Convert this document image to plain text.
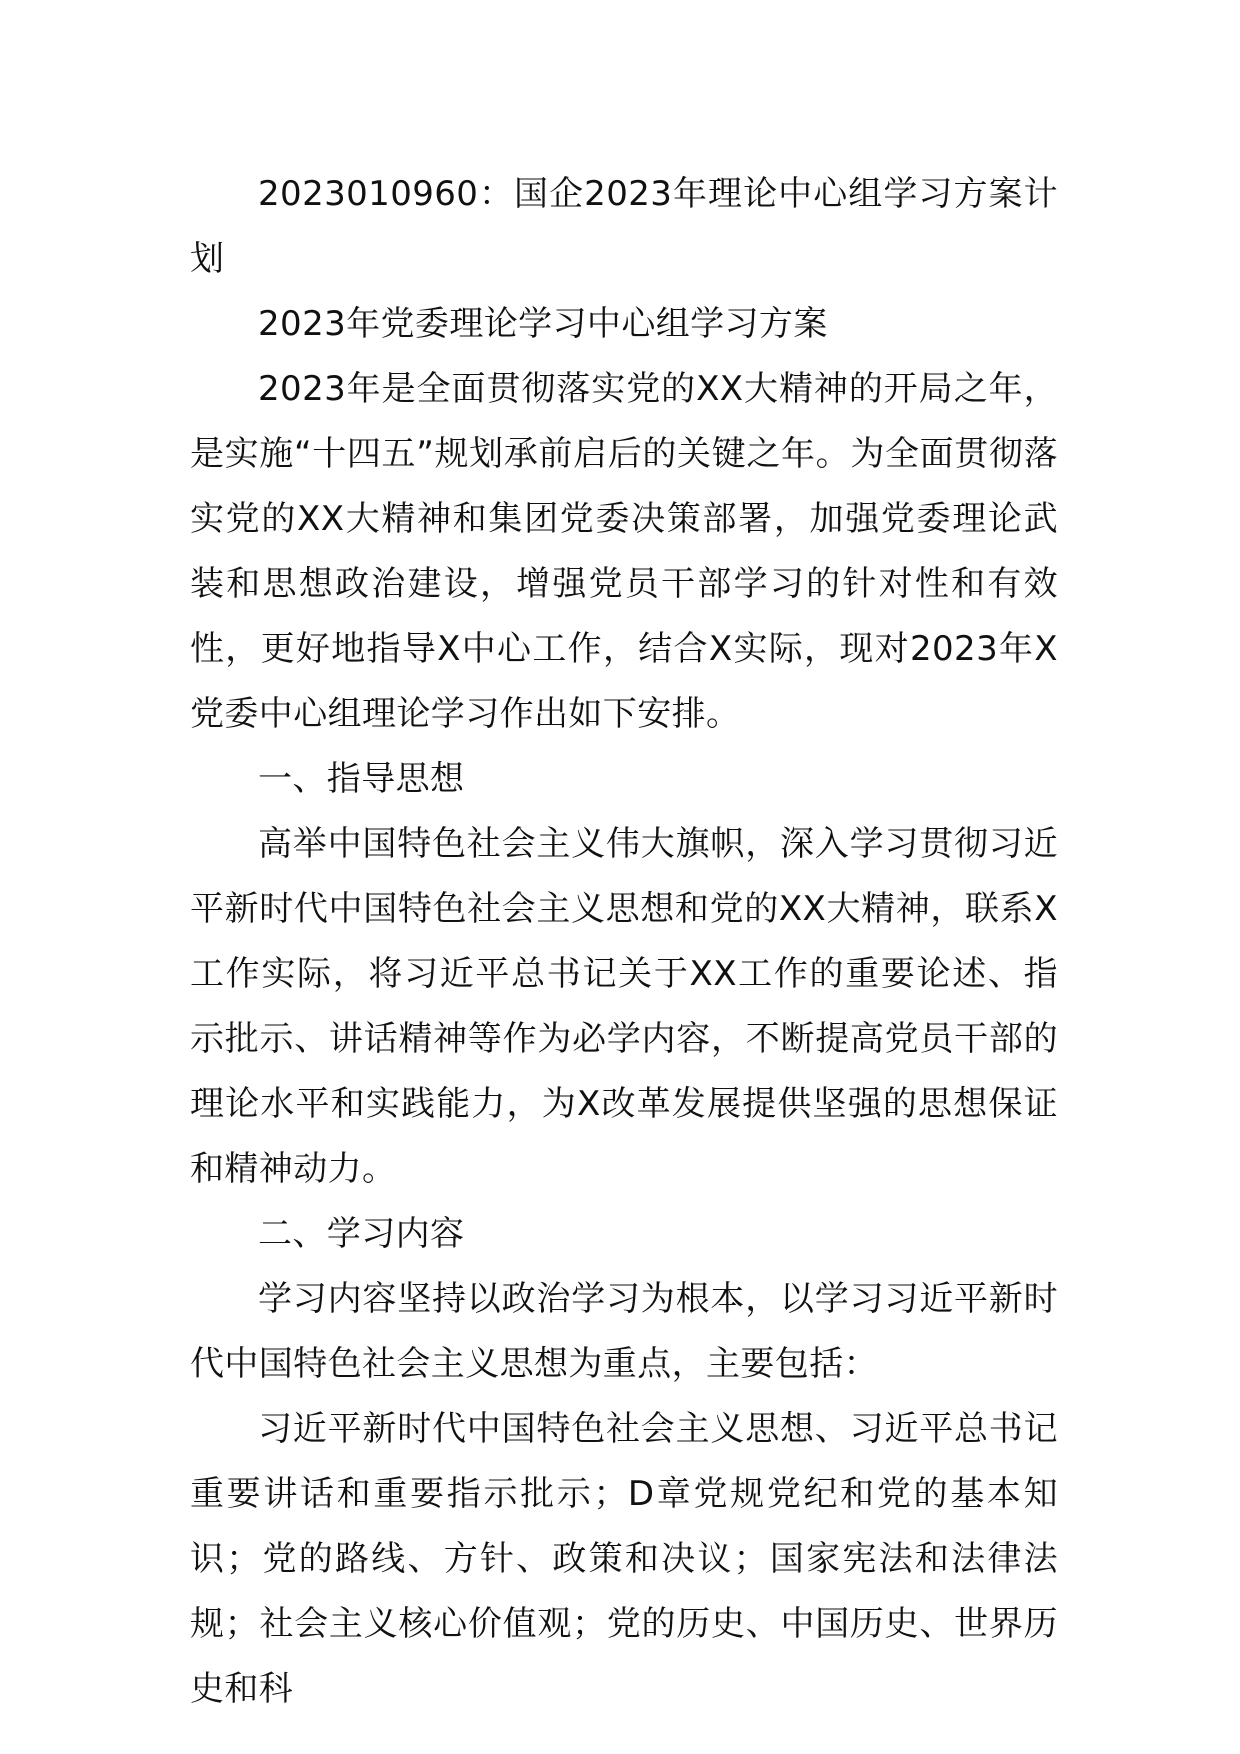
2023010960：国企2023年理论中心组学习方案计划

2023年党委理论学习中心组学习方案

2023年是全面贯彻落实党的XX大精神的开局之年，是实施“十四五”规划承前启后的关键之年。为全面贯彻落实党的XX大精神和集团党委决策部署，加强党委理论武装和思想政治建设，增强党员干部学习的针对性和有效性，更好地指导X中心工作，结合X实际，现对2023年X党委中心组理论学习作出如下安排。

一、指导思想

高举中国特色社会主义伟大旗帜，深入学习贯彻习近平新时代中国特色社会主义思想和党的XX大精神，联系X工作实际，将习近平总书记关于XX工作的重要论述、指示批示、讲话精神等作为必学内容，不断提高党员干部的理论水平和实践能力，为X改革发展提供坚强的思想保证和精神动力。

二、学习内容

学习内容坚持以政治学习为根本，以学习习近平新时代中国特色社会主义思想为重点，主要包括：

习近平新时代中国特色社会主义思想、习近平总书记重要讲话和重要指示批示；D章党规党纪和党的基本知识；党的路线、方针、政策和决议；国家宪法和法律法规；社会主义核心价值观；党的历史、中国历史、世界历史和科
